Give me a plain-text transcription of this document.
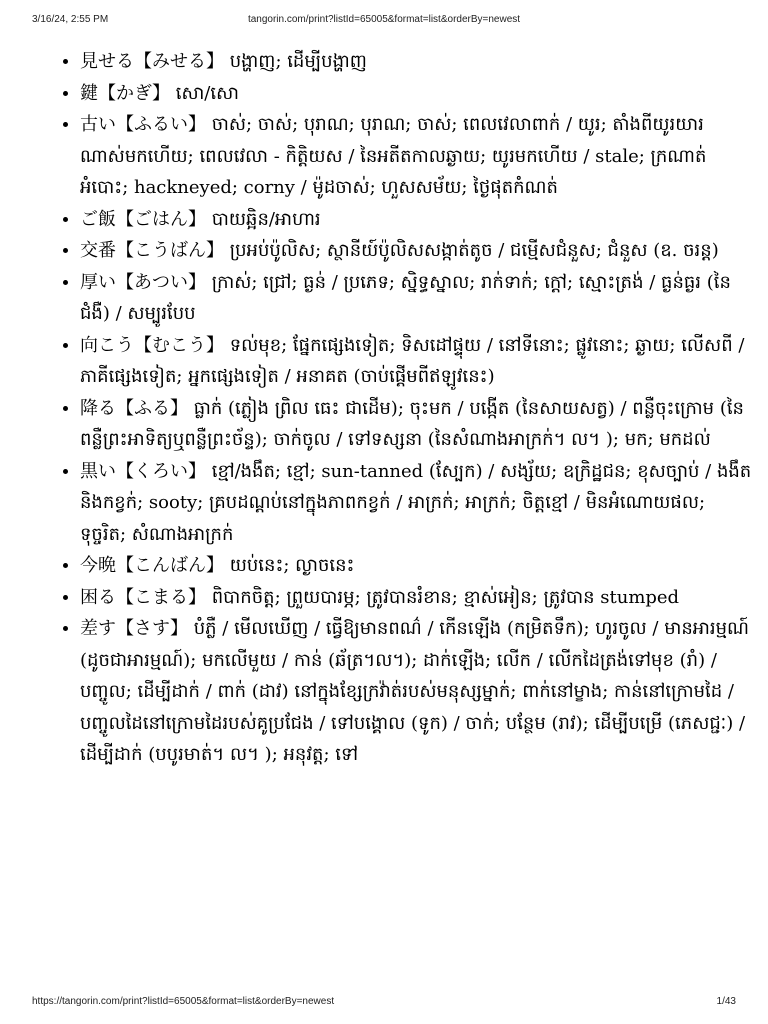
3/16/24, 2:55 PM	tangorin.com/print?listId=65005&format=list&orderBy=newest
• 見せる【みせる】 បង្ហាញ; ដើម្បីបង្ហាញ
• 鍵【かぎ】 សោ/សោ
• 古い【ふるい】 ចាស់; ចាស់; បុរាណ; បុរាណ; ចាស់; ពេលវេលាពាក់ / យូរ; តាំងពីយូរយារណាស់មកហើយ; ពេលវេលា - កិត្តិយស / នៃអតីតកាលឆ្ងាយ; យូរមកហើយ / stale; ក្រណាត់អំបោះ; hackneyed; corny / ម៉ូដចាស់; ហួសសម័យ; ថ្ងៃផុតកំណត់
• ご飯【ごはん】 បាយឆ្អិន/អាហារ
• 交番【こうばん】 ប្រអប់ប៉ូលិស; ស្ថានីយ៍ប៉ូលិសសង្កាត់តូច / ជម្មើសជំនួស; ជំនួស (ឧ. ចរន្ត)
• 厚い【あつい】 ក្រាស់; ជ្រៅ; ធ្ងន់ / ប្រភេទ; ស្និទ្ធស្នាល; រាក់ទាក់; ក្តៅ; ស្មោះត្រង់ / ធ្ងន់ធ្ងរ (នៃជំងឺ) / សម្បូរបែប
• 向こう【むこう】 ទល់មុខ; ផ្នែកផ្សេងទៀត; ទិសដៅផ្ទុយ / នៅទីនោះ; ផ្លូវនោះ; ឆ្ងាយ; លើសពី / ភាគីផ្សេងទៀត; អ្នកផ្សេងទៀត / អនាគត (ចាប់ផ្តើមពីឥឡូវនេះ)
• 降る【ふる】 ធ្លាក់ (ភ្លៀង ព្រិល ធេះ ជាដើម); ចុះមក / បង្កើត (នៃសាយសត្វ) / ពន្លឺចុះក្រោម (នៃពន្លឺព្រះអាទិត្យឬពន្លឺព្រះច័ន្ទ); ចាក់ចូល / ទៅទស្សនា (នៃសំណាងអាក្រក់។ ល។ ); មក; មកដល់
• 黒い【くろい】 ខ្មៅ/ងងឹត; ខ្មៅ; sun-tanned (ស្បែក) / សង្ស័យ; ឧក្រិដ្ឋជន; ខុសច្បាប់ / ងងឹតនិងកខ្វក់; sooty; គ្របដណ្តប់នៅក្នុងភាពកខ្វក់ / អាក្រក់; អាក្រក់; ចិត្តខ្មៅ / មិនអំណោយផល; ទុច្ចរិត; សំណាងអាក្រក់
• 今晩【こんばん】 យប់នេះ; ល្ងាចនេះ
• 困る【こまる】 ពិបាកចិត្ត; ព្រួយបារម្ភ; ត្រូវបានរំខាន; ខ្មាស់អៀន; ត្រូវបាន stumped
• 差す【さす】 បំភ្លឺ / មើលឃើញ / ធ្វើឱ្យមានពណ៌ / កើនឡើង (កម្រិតទឹក); ហូរចូល / មានអារម្មណ៍ (ដូចជាអារម្មណ៍); មកលើមួយ / កាន់ (ឆ័ត្រ។ល។); ដាក់ឡើង; លើក / លើកដៃត្រង់ទៅមុខ (រាំ) / បញ្ចូល; ដើម្បីដាក់ / ពាក់ (ដាវ) នៅក្នុងខ្សែក្រវ៉ាត់របស់មនុស្សម្នាក់; ពាក់នៅម្ខាង; កាន់នៅក្រោមដៃ / បញ្ចូលដៃនៅក្រោមដៃរបស់គូប្រជែង / ទៅបង្គោល (ទូក) / ចាក់; បន្ថែម (រាវ); ដើម្បីបម្រើ (ភេសជ្ជៈ) / ដើម្បីដាក់ (បបូរមាត់។ ល។ ); អនុវត្ត; ទៅ
https://tangorin.com/print?listId=65005&format=list&orderBy=newest	1/43
